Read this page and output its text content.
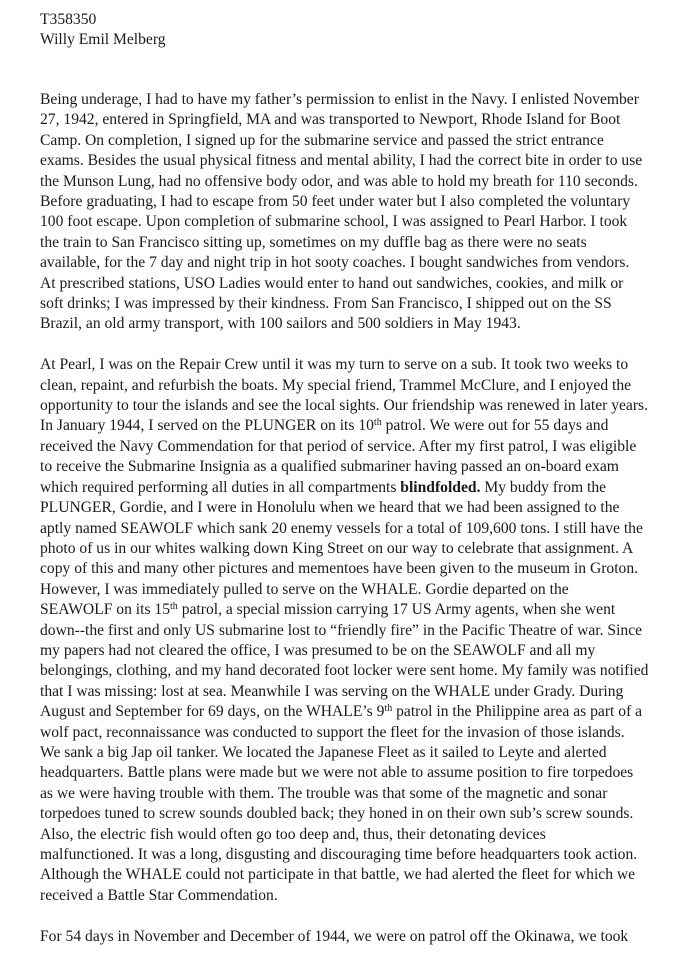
T358350
Willy Emil Melberg
Being underage, I had to have my father’s permission to enlist in the Navy. I enlisted November
27, 1942, entered in Springfield, MA and was transported to Newport, Rhode Island for Boot
Camp. On completion, I signed up for the submarine service and passed the strict entrance
exams. Besides the usual physical fitness and mental ability, I had the correct bite in order to use
the Munson Lung, had no offensive body odor, and was able to hold my breath for 110 seconds.
Before graduating, I had to escape from 50 feet under water but I also completed the voluntary
100 foot escape. Upon completion of submarine school, I was assigned to Pearl Harbor. I took
the train to San Francisco sitting up, sometimes on my duffle bag as there were no seats
available, for the 7 day and night trip in hot sooty coaches. I bought sandwiches from vendors.
At prescribed stations, USO Ladies would enter to hand out sandwiches, cookies, and milk or
soft drinks; I was impressed by their kindness. From San Francisco, I shipped out on the SS
Brazil, an old army transport, with 100 sailors and 500 soldiers in May 1943.
At Pearl, I was on the Repair Crew until it was my turn to serve on a sub. It took two weeks to
clean, repaint, and refurbish the boats. My special friend, Trammel McClure, and I enjoyed the
opportunity to tour the islands and see the local sights. Our friendship was renewed in later years.
In January 1944, I served on the PLUNGER on its 10th patrol. We were out for 55 days and
received the Navy Commendation for that period of service. After my first patrol, I was eligible
to receive the Submarine Insignia as a qualified submariner having passed an on-board exam
which required performing all duties in all compartments blindfolded. My buddy from the
PLUNGER, Gordie, and I were in Honolulu when we heard that we had been assigned to the
aptly named SEAWOLF which sank 20 enemy vessels for a total of 109,600 tons. I still have the
photo of us in our whites walking down King Street on our way to celebrate that assignment. A
copy of this and many other pictures and mementoes have been given to the museum in Groton.
However, I was immediately pulled to serve on the WHALE. Gordie departed on the
SEAWOLF on its 15th patrol, a special mission carrying 17 US Army agents, when she went
down--the first and only US submarine lost to “friendly fire” in the Pacific Theatre of war. Since
my papers had not cleared the office, I was presumed to be on the SEAWOLF and all my
belongings, clothing, and my hand decorated foot locker were sent home. My family was notified
that I was missing: lost at sea. Meanwhile I was serving on the WHALE under Grady. During
August and September for 69 days, on the WHALE’s 9th patrol in the Philippine area as part of a
wolf pact, reconnaissance was conducted to support the fleet for the invasion of those islands.
We sank a big Jap oil tanker. We located the Japanese Fleet as it sailed to Leyte and alerted
headquarters. Battle plans were made but we were not able to assume position to fire torpedoes
as we were having trouble with them. The trouble was that some of the magnetic and sonar
torpedoes tuned to screw sounds doubled back; they honed in on their own sub’s screw sounds.
Also, the electric fish would often go too deep and, thus, their detonating devices
malfunctioned. It was a long, disgusting and discouraging time before headquarters took action.
Although the WHALE could not participate in that battle, we had alerted the fleet for which we
received a Battle Star Commendation.
For 54 days in November and December of 1944, we were on patrol off the Okinawa, we took
